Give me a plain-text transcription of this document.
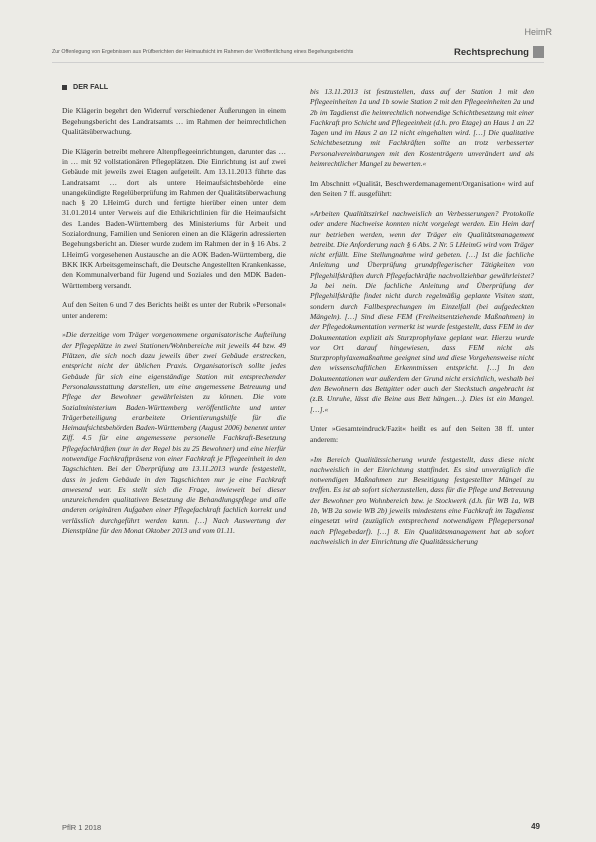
HeimR
Zur Offenlegung von Ergebnissen aus Prüfberichten der Heimaufsicht im Rahmen der Veröffentlichung eines Begehungsberichts	Rechtsprechung
DER FALL

Die Klägerin begehrt den Widerruf verschiedener Äußerungen in einem Begehungsbericht des Landratsamts … im Rahmen der heimrechtlichen Qualitätsüberwachung.

Die Klägerin betreibt mehrere Altenpflegeeinrichtungen, darunter das … in … mit 92 vollstationären Pflegeplätzen. Die Einrichtung ist auf zwei Gebäude mit jeweils zwei Etagen aufgeteilt. Am 13.11.2013 führte das Landratsamt … dort als untere Heimaufsichtsbehörde eine unangekündigte Regelüberprüfung im Rahmen der Qualitätsüberwachung nach § 20 LHeimG durch und fertigte hierüber einen unter dem 31.01.2014 unter Verweis auf die Ethikrichtlinien für die Heimaufsicht des Landes Baden-Württemberg des Ministeriums für Arbeit und Sozialordnung, Familien und Senioren einen an die Klägerin adressierten Begehungsbericht an. Dieser wurde zudem im Rahmen der in § 16 Abs. 2 LHeimG vorgesehenen Austausche an die AOK Baden-Württemberg, die BKK IKK Arbeitsgemeinschaft, die Deutsche Angestellten Krankenkasse, den Kommunalverband für Jugend und Soziales und den MDK Baden-Württemberg versandt.

Auf den Seiten 6 und 7 des Berichts heißt es unter der Rubrik »Personal« unter anderem:

»Die derzeitige vom Träger vorgenommene organisatorische Aufteilung der Pflegeplätze in zwei Stationen/Wohnbereiche mit jeweils 44 bzw. 49 Plätzen, die sich noch dazu jeweils über zwei Gebäude erstrecken, entspricht nicht der üblichen Praxis. Organisatorisch sollte jedes Gebäude für sich eine eigenständige Station mit entsprechender Personalausstattung darstellen, um eine angemessene Betreuung und Pflege der Bewohner gewährleisten zu können. Die vom Sozialministerium Baden-Württemberg veröffentlichte und unter Trägerbeteiligung erarbeitete Orientierungshilfe für die Heimaufsichtsbehörden Baden-Württemberg (August 2006) benennt unter Ziff. 4.5 für eine angemessene personelle Fachkraft-Besetzung Pflegefachkräften (nur in der Regel bis zu 25 Bewohner) und eine hierfür notwendige Fachkraftpräsenz von einer Fachkraft je Pflegeeinheit in den Tagschichten. Bei der Überprüfung am 13.11.2013 wurde festgestellt, dass in jedem Gebäude in den Tagschichten nur je eine Fachkraft anwesend war. Es stellt sich die Frage, inwieweit bei dieser unzureichenden qualitativen Besetzung die Behandlungspflege und alle anderen originären Aufgaben einer Pflegefachkraft fachlich korrekt und verlässlich durchgeführt werden kann. […] Nach Auswertung der Dienstpläne für den Monat Oktober 2013 und vom 01.11.

bis 13.11.2013 ist festzustellen, dass auf der Station 1 mit den Pflegeeinheiten 1a und 1b sowie Station 2 mit den Pflegeeinheiten 2a und 2b im Tagdienst die heimrechtlich notwendige Schichtbesetzung mit einer Fachkraft pro Schicht und Pflegeeinheit (d.h. pro Etage) an Haus 1 an 22 Tagen und im Haus 2 an 12 nicht eingehalten wird. […] Die qualitative Schichtbesetzung mit Fachkräften sollte an trotz verbesserter Personalvereinbarungen mit den Kostenträgern unverändert und als heimrechtlicher Mangel zu bewerten.«

Im Abschnitt »Qualität, Beschwerdemanagement/Organisation« wird auf den Seiten 7 ff. ausgeführt:

»Arbeiten Qualitätszirkel nachweislich an Verbesserungen? Protokolle oder andere Nachweise konnten nicht vorgelegt werden. Ein Heim darf nur betrieben werden, wenn der Träger ein Qualitätsmanagement betreibt. Die Anforderung nach § 6 Abs. 2 Nr. 5 LHeimG wird vom Träger nicht erfüllt. Eine Stellungnahme wird gebeten. […] Ist die fachliche Anleitung und Überprüfung grundpflegerischer Tätigkeiten von Pflegehilfskräften durch Pflegefachkräfte nachvollziehbar gewährleistet? Ja bei nein. Die fachliche Anleitung und Überprüfung der Pflegehilfskräfte findet nicht durch regelmäßig geplante Visiten statt, sondern durch Fallbesprechungen im Einzelfall (bei aufgedeckten Mängeln). […] Sind diese FEM (Freiheitsentziehende Maßnahmen) in der Pflegedokumentation vermerkt ist wurde festgestellt, dass FEM in der Dokumentation explizit als Sturzprophylaxe geplant war. Hierzu wurde vor Ort darauf hingewiesen, dass FEM nicht als Sturzprophylaxemaßnahme geeignet sind und diese Vorgehensweise nicht den wissenschaftlichen Erkenntnissen entspricht. […] In den Dokumentationen war außerdem der Grund nicht ersichtlich, weshalb bei den Bewohnern das Bettgitter oder auch der Steckstuch angebracht ist (z.B. Unruhe, lässt die Beine aus Bett hängen…). Dies ist ein Mangel. […].«

Unter »Gesamteindruck/Fazit« heißt es auf den Seiten 38 ff. unter anderem:

»Im Bereich Qualitätssicherung wurde festgestellt, dass diese nicht nachweislich in der Einrichtung stattfindet. Es sind unverzüglich die notwendigen Maßnahmen zur Beseitigung festgestellter Mängel zu treffen. Es ist ab sofort sicherzustellen, dass für die Pflege und Betreuung der Bewohner pro Wohnbereich bzw. je Stockwerk (d.h. für WB 1a, WB 1b, WB 2a sowie WB 2b) jeweils mindestens eine Fachkraft im Tagdienst eingesetzt wird (zuzüglich entsprechend notwendigem Pflegepersonal nach Pflegebedarf). […] 8. Ein Qualitätsmanagement hat ab sofort nachweislich in der Einrichtung die Qualitätssicherung

PflR 1 2018	49
